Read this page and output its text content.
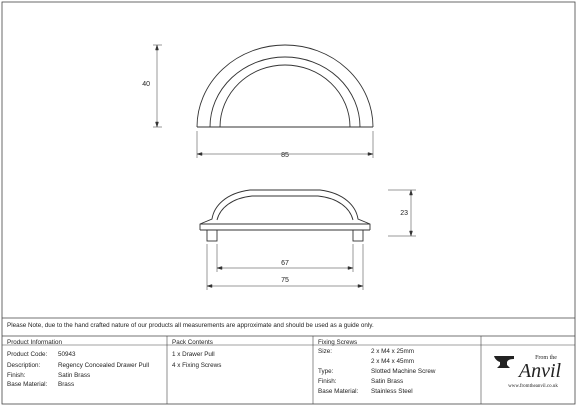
40
85
23
67
75
Please Note, due to the hand crafted nature of our products all measurements are approximate and should be used as a guide only.
Product Information
Product Code: 50943
Description:	Regency Concealed Drawer Pull
Finish:	Satin Brass
Base Material: Brass
Pack Contents
1 x Drawer Pull
4 x Fixing Screws
Fixing Screws
Size:	2 x M4 x 25mm
2 x M4 x 45mm
Type:	Slotted Machine Screw
Finish:	Satin Brass
Base Material: Stainless Steel
From the
Anvil
www.fromtheanvil.co.uk
